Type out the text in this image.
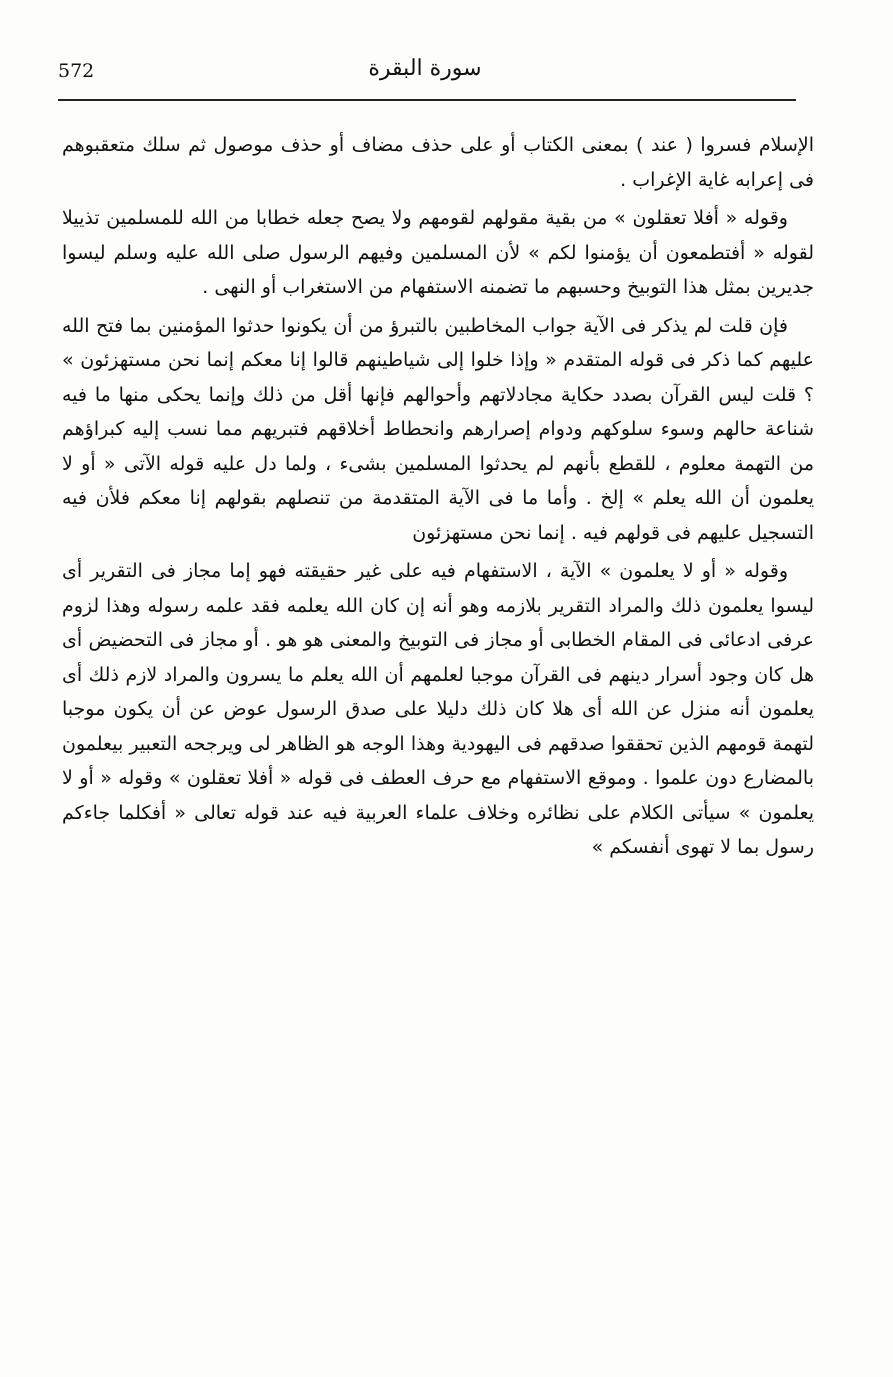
572	سورة البقرة

الإسلام فسروا ( عند ) بمعنى الكتاب أو على حذف مضاف أو حذف موصول ثم سلك متعقبوهم فى إعرابه غاية الإغراب .

وقوله « أفلا تعقلون » من بقية مقولهم لقومهم ولا يصح جعله خطابا من الله للمسلمين تذييلا لقوله « أفتطمعون أن يؤمنوا لكم » لأن المسلمين وفيهم الرسول صلى الله عليه وسلم ليسوا جديرين بمثل هذا التوبيخ وحسبهم ما تضمنه الاستفهام من الاستغراب أو النهى .

فإن قلت لم يذكر فى الآية جواب المخاطبين بالتبرؤ من أن يكونوا حدثوا المؤمنين بما فتح الله عليهم كما ذكر فى قوله المتقدم « وإذا خلوا إلى شياطينهم قالوا إنا معكم إنما نحن مستهزئون » ؟ قلت ليس القرآن بصدد حكاية مجادلاتهم وأحوالهم فإنها أقل من ذلك وإنما يحكى منها ما فيه شناعة حالهم وسوء سلوكهم ودوام إصرارهم وانحطاط أخلاقهم فتبريهم مما نسب إليه كبراؤهم من التهمة معلوم ، للقطع بأنهم لم يحدثوا المسلمين بشىء ، ولما دل عليه قوله الآتى « أو لا يعلمون أن الله يعلم » إلخ . وأما ما فى الآية المتقدمة من تنصلهم بقولهم إنا معكم فلأن فيه التسجيل عليهم فى قولهم فيه . إنما نحن مستهزئون

وقوله « أو لا يعلمون » الآية ، الاستفهام فيه على غير حقيقته فهو إما مجاز فى التقرير أى ليسوا يعلمون ذلك والمراد التقرير بلازمه وهو أنه إن كان الله يعلمه فقد علمه رسوله وهذا لزوم عرفى ادعائى فى المقام الخطابى أو مجاز فى التوبيخ والمعنى هو هو . أو مجاز فى التحضيض أى هل كان وجود أسرار دينهم فى القرآن موجبا لعلمهم أن الله يعلم ما يسرون والمراد لازم ذلك أى يعلمون أنه منزل عن الله أى هلا كان ذلك دليلا على صدق الرسول عوض عن أن يكون موجبا لتهمة قومهم الذين تحققوا صدقهم فى اليهودية وهذا الوجه هو الظاهر لى ويرجحه التعبير بيعلمون بالمضارع دون علموا . وموقع الاستفهام مع حرف العطف فى قوله « أفلا تعقلون » وقوله « أو لا يعلمون » سيأتى الكلام على نظائره وخلاف علماء العربية فيه عند قوله تعالى « أفكلما جاءكم رسول بما لا تهوى أنفسكم »
